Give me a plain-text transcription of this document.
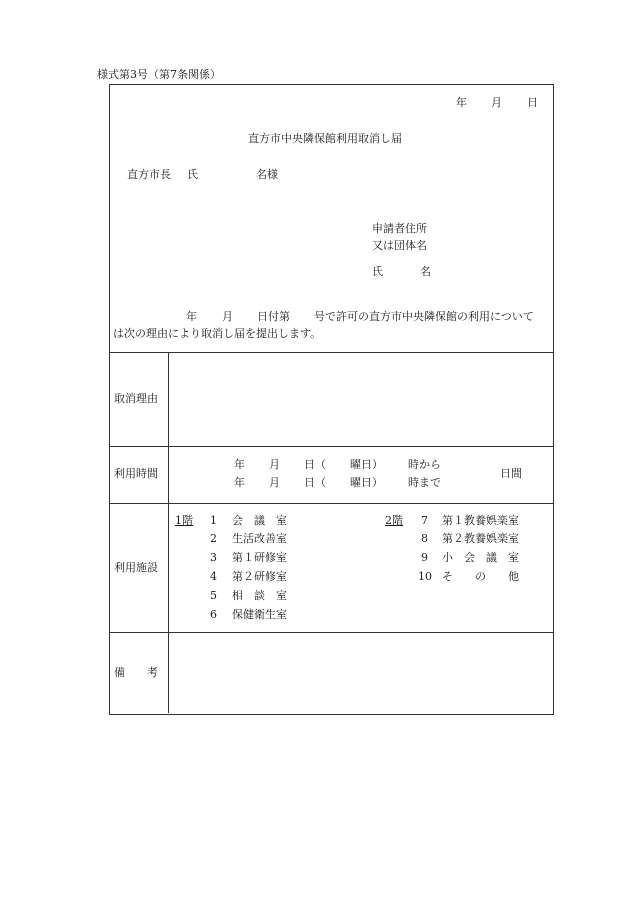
様式第3号（第7条関係）
年 月 日
直方市中央隣保館利用取消し届
直方市長 氏	名様
申請者住所
又は団体名
氏	名
年 月 日付第 号で許可の直方市中央隣保館の利用について
は次の理由により取消し届を提出します。
取消理由
利用時間
年 月 日（ 曜日） 時から
年 月 日（ 曜日） 時まで
日間
利用施設
1階	2階
1 会　議　室
2 生活改善室
3 第１研修室
4 第２研修室
5 相　談　室
6 保健衛生室
7 第１教養娯楽室
8 第２教養娯楽室
9 小　会　議　室
10 そ　　の　　他
備　　考
